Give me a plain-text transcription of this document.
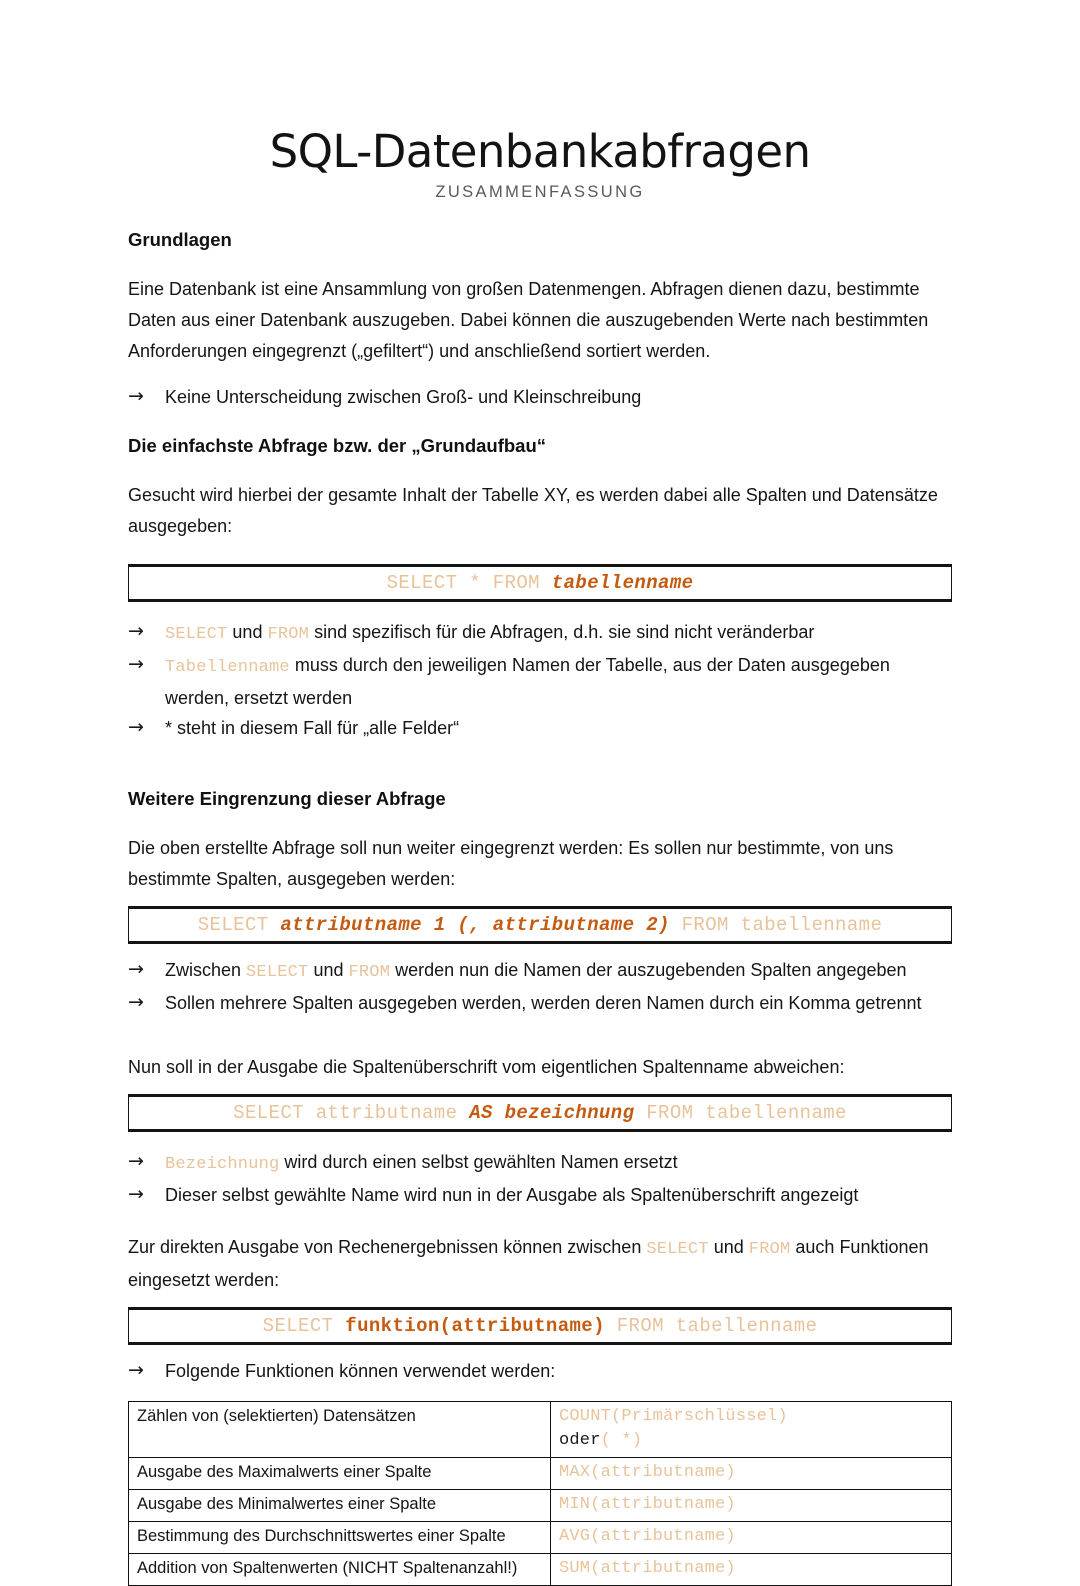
SQL-Datenbankabfragen
ZUSAMMENFASSUNG
Grundlagen

Eine Datenbank ist eine Ansammlung von großen Datenmengen. Abfragen dienen dazu, bestimmte Daten aus einer Datenbank auszugeben. Dabei können die auszugebenden Werte nach bestimmten Anforderungen eingegrenzt („gefiltert“) und anschließend sortiert werden.

→ Keine Unterscheidung zwischen Groß- und Kleinschreibung
Die einfachste Abfrage bzw. der „Grundaufbau“

Gesucht wird hierbei der gesamte Inhalt der Tabelle XY, es werden dabei alle Spalten und Datensätze ausgegeben:

SELECT * FROM tabellenname
→ SELECT und FROM sind spezifisch für die Abfragen, d.h. sie sind nicht veränderbar
→ Tabellenname muss durch den jeweiligen Namen der Tabelle, aus der Daten ausgegeben werden, ersetzt werden
→ * steht in diesem Fall für „alle Felder“
Weitere Eingrenzung dieser Abfrage

Die oben erstellte Abfrage soll nun weiter eingegrenzt werden: Es sollen nur bestimmte, von uns bestimmte Spalten, ausgegeben werden:

SELECT attributname 1 (, attributname 2) FROM tabellenname
→ Zwischen SELECT und FROM werden nun die Namen der auszugebenden Spalten angegeben
→ Sollen mehrere Spalten ausgegeben werden, werden deren Namen durch ein Komma getrennt

Nun soll in der Ausgabe die Spaltenüberschrift vom eigentlichen Spaltenname abweichen:

SELECT attributname AS bezeichnung FROM tabellenname
→ Bezeichnung wird durch einen selbst gewählten Namen ersetzt
→ Dieser selbst gewählte Name wird nun in der Ausgabe als Spaltenüberschrift angezeigt

Zur direkten Ausgabe von Rechenergebnissen können zwischen SELECT und FROM auch Funktionen eingesetzt werden:

SELECT funktion(attributname) FROM tabellenname
→ Folgende Funktionen können verwendet werden:
Zählen von (selektierten) Datensätzen	COUNT(Primärschlüssel)
oder( *)

Ausgabe des Maximalwerts einer Spalte	MAX(attributname)
Ausgabe des Minimalwertes einer Spalte	MIN(attributname)
Bestimmung des Durchschnittswertes einer Spalte	AVG(attributname)
Addition von Spaltenwerten (NICHT Spaltenanzahl!)	SUM(attributname)
